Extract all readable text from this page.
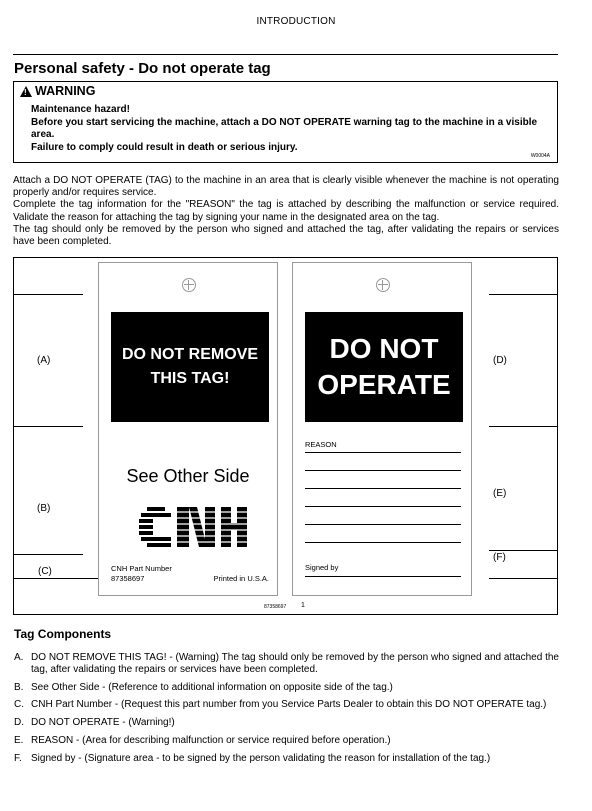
INTRODUCTION
Personal safety - Do not operate tag
! WARNING
Maintenance hazard!
Before you start servicing the machine, attach a DO NOT OPERATE warning tag to the machine in a visible area.
Failure to comply could result in death or serious injury.
W0004A

Attach a DO NOT OPERATE (TAG) to the machine in an area that is clearly visible whenever the machine is not operating properly and/or requires service.

Complete the tag information for the "REASON" the tag is attached by describing the malfunction or service required. Validate the reason for attaching the tag by signing your name in the designated area on the tag.

The tag should only be removed by the person who signed and attached the tag, after validating the repairs or services have been completed.

(A)
(B)
(C)
(D)
(E)
(F)
DO NOT REMOVE
THIS TAG!
See Other Side
CNH Part Number
87358697	Printed in U.S.A.
DO NOT
OPERATE
REASON
Signed by
87358697 1
Tag Components
A. DO NOT REMOVE THIS TAG! - (Warning) The tag should only be removed by the person who signed and attached the tag, after validating the repairs or services have been completed.
B. See Other Side - (Reference to additional information on opposite side of the tag.)
C. CNH Part Number - (Request this part number from you Service Parts Dealer to obtain this DO NOT OPERATE tag.)
D. DO NOT OPERATE - (Warning!)
E. REASON - (Area for describing malfunction or service required before operation.)
F. Signed by - (Signature area - to be signed by the person validating the reason for installation of the tag.)
